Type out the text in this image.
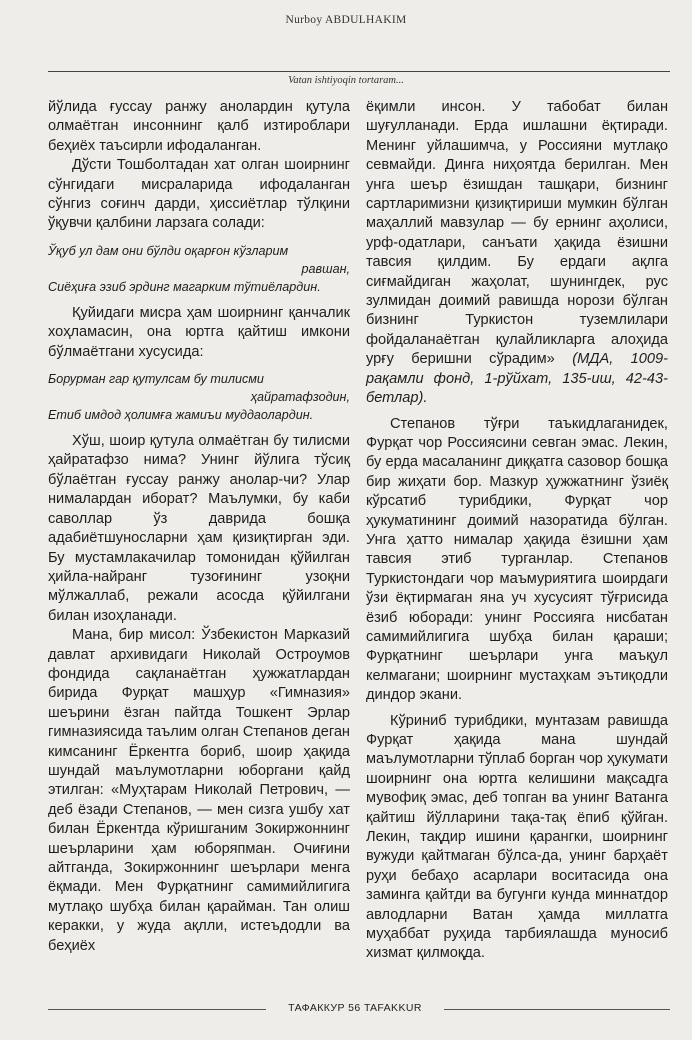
Nurboy ABDULHAKIM
Vatan ishtiyoqin tortaram...

йўлида ғуссау ранжу анолардин қутула олмаётган инсоннинг қалб изтироблари беҳиёх таъсирли ифодаланган.

Дўсти Тошболтадан хат олган шоирнинг сўнгидаги мисраларида ифодаланган сўнгиз соғинч дарди, ҳиссиётлар тўлқини ўқувчи қалбини ларзага солади:

Ўқуб ул дам они бўлди оқарғон кўзларим
равшан,
Сиёҳиға эзиб эрдинг магарким тўтиёлардин.

Қуйидаги мисра ҳам шоирнинг қанчалик хоҳламасин, она юртга қайтиш имкони бўлмаётгани хусусида:

Борурман гар қутулсам бу тилисми
ҳайратафзодин,
Етиб имдод ҳолимға жамиъи муддаолардин.

Хўш, шоир қутула олмаётган бу тилисми ҳайратафзо нима? Унинг йўлига тўсиқ бўлаётган ғуссау ранжу анолар-чи? Улар нималардан иборат? Маълумки, бу каби саволлар ўз даврида бошқа адабиётшуносларни ҳам қизиқтирган эди. Бу мустамлакачилар томонидан қўйилган ҳийла-найранг тузоғининг узоқни мўлжаллаб, режали асосда қўйилгани билан изоҳланади.

Мана, бир мисол: Ўзбекистон Марказий давлат архивидаги Николай Остроумов фондида сақланаётган ҳужжатлардан бирида Фурқат машҳур «Гимназия» шеърини ёзган пайтда Тошкент Эрлар гимназиясида таълим олган Степанов деган кимсанинг Ёркентга бориб, шоир ҳақида шундай маълумотларни юборгани қайд этилган: «Муҳтарам Николай Петрович, — деб ёзади Степанов, — мен сизга ушбу хат билан Ёркентда кўришганим Зокиржоннинг шеърларини ҳам юборяпман. Очиғини айтганда, Зокиржоннинг шеърлари менга ёқмади. Мен Фурқатнинг самимийлигига мутлақо шубҳа билан қарайман. Тан олиш керакки, у жуда ақлли, истеъдодли ва беҳиёх

ёқимли инсон. У табобат билан шуғулланади. Ерда ишлашни ёқтиради. Менинг уйлашимча, у Россияни мутлақо севмайди. Динга ниҳоятда берилган. Мен унга шеър ёзишдан ташқари, бизнинг сартларимизни қизиқтириши мумкин бўлган маҳаллий мавзулар — бу ернинг аҳолиси, урф-одатлари, санъати ҳақида ёзишни тавсия қилдим. Бу ердаги ақлга сиғмайдиган жаҳолат, шунингдек, рус зулмидан доимий равишда норози бўлган бизнинг Туркистон туземлилари фойдаланаётган қулайликларга алоҳида урғу беришни сўрадим» (МДА, 1009-рақамли фонд, 1-рўйхат, 135-иш, 42-43-бетлар).

Степанов тўғри таъкидлаганидек, Фурқат чор Россиясини севган эмас. Лекин, бу ерда масаланинг диққатга сазовор бошқа бир жиҳати бор. Мазкур ҳужжатнинг ўзиёқ кўрсатиб турибдики, Фурқат чор ҳукуматининг доимий назоратида бўлган. Унга ҳатто нималар ҳақида ёзишни ҳам тавсия этиб турганлар. Степанов Туркистондаги чор маъмуриятига шоирдаги ўзи ёқтирмаган яна уч хусусият тўғрисида ёзиб юборади: унинг Россияга нисбатан самимийлигига шубҳа билан қараши; Фурқатнинг шеърлари унга маъқул келмагани; шоирнинг мустаҳкам эътиқодли диндор экани.

Кўриниб турибдики, мунтазам равишда Фурқат ҳақида мана шундай маълумотларни тўплаб борган чор ҳукумати шоирнинг она юртга келишини мақсадга мувофиқ эмас, деб топган ва унинг Ватанга қайтиш йўлларини тақа-тақ ёпиб қўйган. Лекин, тақдир ишини қарангки, шоирнинг вужуди қайтмаган бўлса-да, унинг барҳаёт руҳи бебаҳо асарлари воситасида она заминга қайтди ва бугунги кунда миннатдор авлодларни Ватан ҳамда миллатга муҳаббат руҳида тарбиялашда муносиб хизмат қилмоқда.

ТАФАККУР 56 TAFAKKUR
